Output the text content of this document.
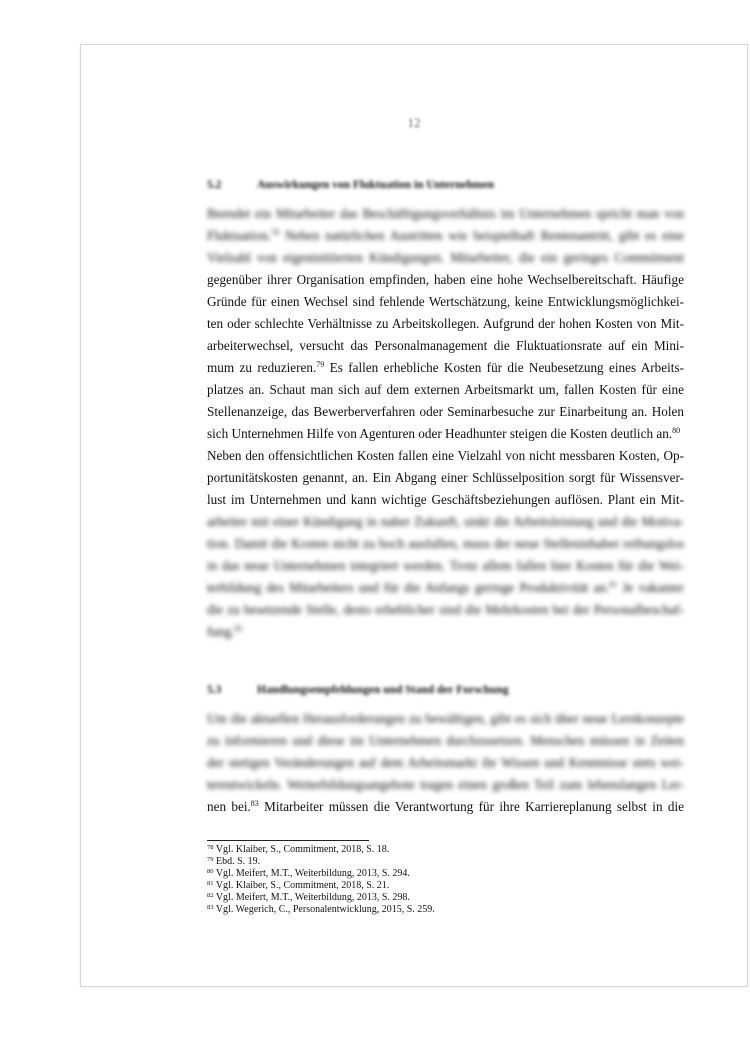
12
5.2	Auswirkungen von Fluktuation in Unternehmen
Beendet ein Mitarbeiter das Beschäftigungsverhältnis im Unternehmen spricht man von
Fluktuation.$^{78}$ Neben natürlichen Austritten wie beispielhaft Rentenantritt, gibt es eine
Vielzahl von eigeninitiierten Kündigungen. Mitarbeiter, die ein geringes Commitment
gegenüber ihrer Organisation empfinden, haben eine hohe Wechselbereitschaft. Häufige
Gründe für einen Wechsel sind fehlende Wertschätzung, keine Entwicklungsmöglichkei-
ten oder schlechte Verhältnisse zu Arbeitskollegen. Aufgrund der hohen Kosten von Mit-
arbeiterwechsel, versucht das Personalmanagement die Fluktuationsrate auf ein Mini-
mum zu reduzieren.$^{79}$ Es fallen erhebliche Kosten für die Neubesetzung eines Arbeits-
platzes an. Schaut man sich auf dem externen Arbeitsmarkt um, fallen Kosten für eine
Stellenanzeige, das Bewerberverfahren oder Seminarbesuche zur Einarbeitung an. Holen
sich Unternehmen Hilfe von Agenturen oder Headhunter steigen die Kosten deutlich an.$^{80}$
Neben den offensichtlichen Kosten fallen eine Vielzahl von nicht messbaren Kosten, Op-
portunitätskosten genannt, an. Ein Abgang einer Schlüsselposition sorgt für Wissensver-
lust im Unternehmen und kann wichtige Geschäftsbeziehungen auflösen. Plant ein Mit-
arbeiter mit einer Kündigung in naher Zukunft, sinkt die Arbeitsleistung und die Motiva-
tion. Damit die Kosten nicht zu hoch ausfallen, muss der neue Stelleninhaber reibungslos
in das neue Unternehmen integriert werden. Trotz allem fallen hier Kosten für die Wei-
terbildung des Mitarbeiters und für die Anfangs geringe Produktivität an.$^{81}$ Je vakanter
die zu besetzende Stelle, desto erheblicher sind die Mehrkosten bei der Personalbeschaf-
fung.$^{82}$
5.3	Handlungsempfehlungen und Stand der Forschung
Um die aktuellen Herausforderungen zu bewältigen, gibt es sich über neue Lernkonzepte
zu informieren und diese im Unternehmen durchzusetzen. Menschen müssen in Zeiten
der stetigen Veränderungen auf dem Arbeitsmarkt ihr Wissen und Kenntnisse stets wei-
terentwickeln. Weiterbildungsangebote tragen einen großen Teil zum lebenslangen Ler-
nen bei.$^{83}$ Mitarbeiter müssen die Verantwortung für ihre Karriereplanung selbst in die
$^{78}$ Vgl. Klaiber, S., Commitment, 2018, S. 18.
$^{79}$ Ebd. S. 19.
$^{80}$ Vgl. Meifert, M.T., Weiterbildung, 2013, S. 294.
$^{81}$ Vgl. Klaiber, S., Commitment, 2018, S. 21.
$^{82}$ Vgl. Meifert, M.T., Weiterbildung, 2013, S. 298.
$^{83}$ Vgl. Wegerich, C., Personalentwicklung, 2015, S. 259.
